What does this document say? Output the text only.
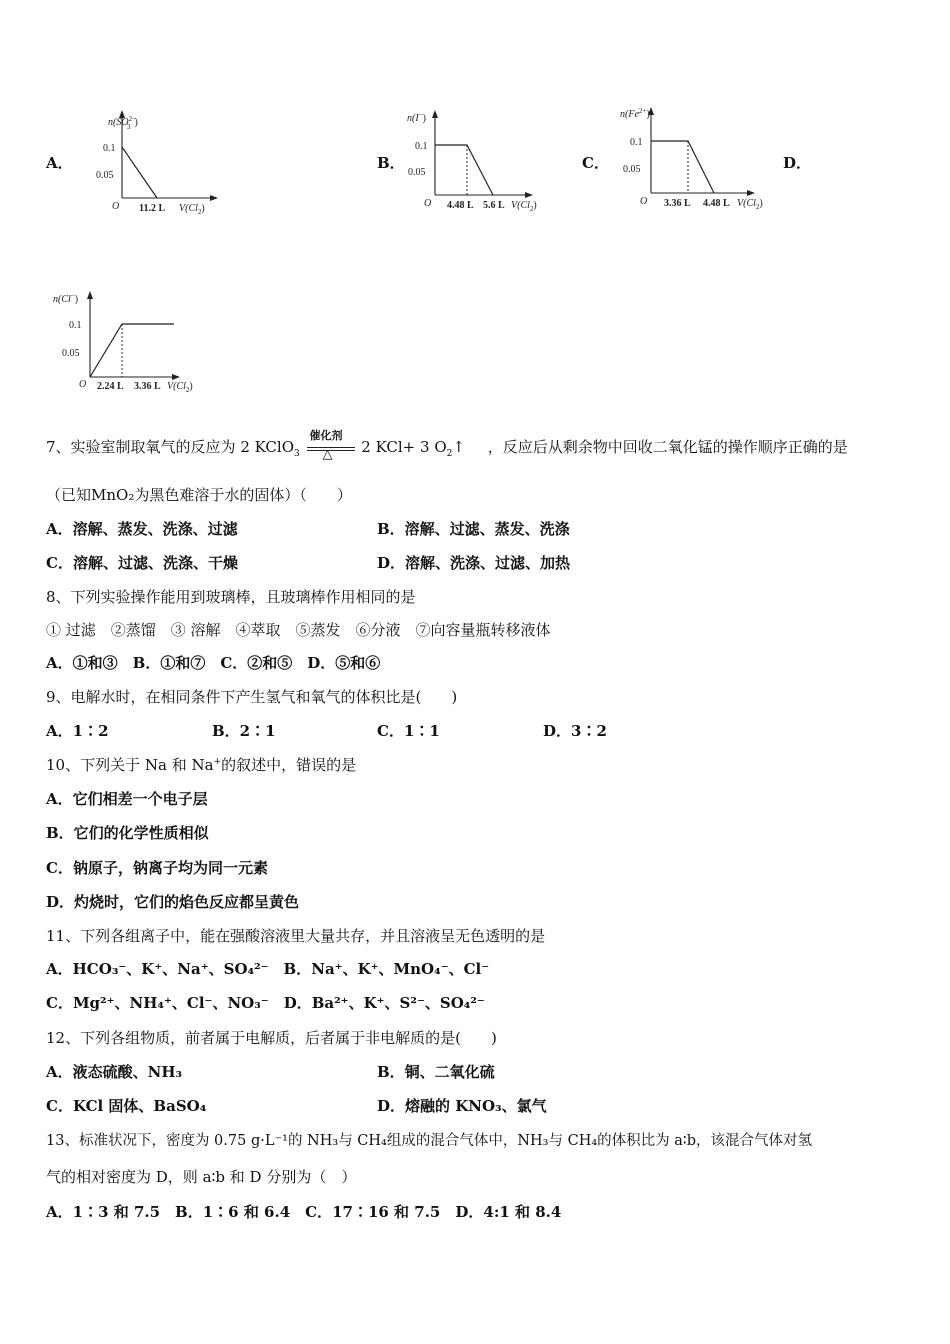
A．	B．	C．	D．
$n(SO^{2-}$ 3 )
0.1
0.05
O 11.2 L $V(Cl_2)$
n(I−)
0.1
0.05
O 4.48 L 5.6 L $V(Cl_2)$
$n(Fe^{2+})$
0.1
0.05
O 3.36 L 4.48 L $V(Cl_2)$
n(Cl−)
0.1
0.05
O 2.24 L 3.36 L $V(Cl_2)$
7、实验室制取氧气的反应为 2 KClO$_3$
催化剂
△ 2 KCl+ 3 $O_2↑$ ，反应后从剩余物中回收二氧化锰的操作顺序正确的是
（已知MnO₂为黑色难溶于水的固体）（　　）
A．溶解、蒸发、洗涤、过滤	B．溶解、过滤、蒸发、洗涤
C．溶解、过滤、洗涤、干燥	D．溶解、洗涤、过滤、加热
8、下列实验操作能用到玻璃棒，且玻璃棒作用相同的是
① 过滤　②蒸馏　③ 溶解　④萃取　⑤蒸发　⑥分液　⑦向容量瓶转移液体
A．①和③　B．①和⑦　C．②和⑤　D．⑤和⑥
9、电解水时，在相同条件下产生氢气和氧气的体积比是(　　)
A．1∶2	B．2∶1	C．1∶1	D．3∶2
10、下列关于 Na 和 Na+的叙述中，错误的是
A．它们相差一个电子层
B．它们的化学性质相似
C．钠原子，钠离子均为同一元素
D．灼烧时，它们的焰色反应都呈黄色
11、下列各组离子中，能在强酸溶液里大量共存，并且溶液呈无色透明的是
A．HCO₃⁻、K⁺、Na⁺、SO₄²⁻　B．Na⁺、K⁺、MnO₄⁻、Cl⁻
C．Mg²⁺、NH₄⁺、Cl⁻、NO₃⁻　D．Ba²⁺、K⁺、S²⁻、SO₄²⁻
12、下列各组物质，前者属于电解质，后者属于非电解质的是(　　)
A．液态硫酸、NH₃	B．铜、二氧化硫
C．KCl 固体、BaSO₄	D．熔融的 KNO₃、氯气
13、标准状况下，密度为 0.75 g·L⁻¹的 NH₃与 CH₄组成的混合气体中，NH₃与 CH₄的体积比为 a∶b，该混合气体对氢
气的相对密度为 D，则 a∶b 和 D 分别为（　）
A．1∶3 和 7.5　B．1∶6 和 6.4　C．17∶16 和 7.5　D．4:1 和 8.4
